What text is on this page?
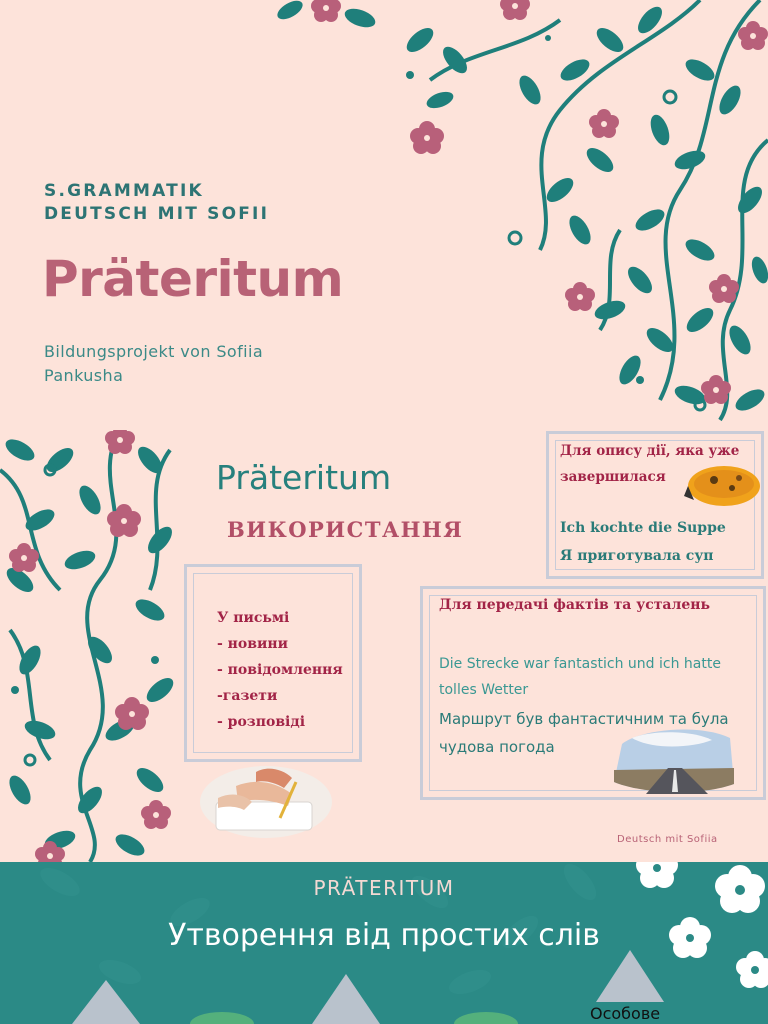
S.GRAMMATIK
DEUTSCH MIT SOFII
Präteritum
Bildungsprojekt von Sofiia Pankusha
Präteritum
ВИКОРИСТАННЯ
У письмі
- новини
- повідомлення
-газети
- розповіді
Для опису дії, яка уже
завершилася
Ich kochte die Suppe
Я приготувала суп
Для передачі фактів та усталень
Die Strecke war fantastich und ich hatte tolles Wetter
Маршрут був фантастичним та була чудова погода
Deutsch mit Sofiia
PRÄTERITUM
Утворення від простих слів
Особове
